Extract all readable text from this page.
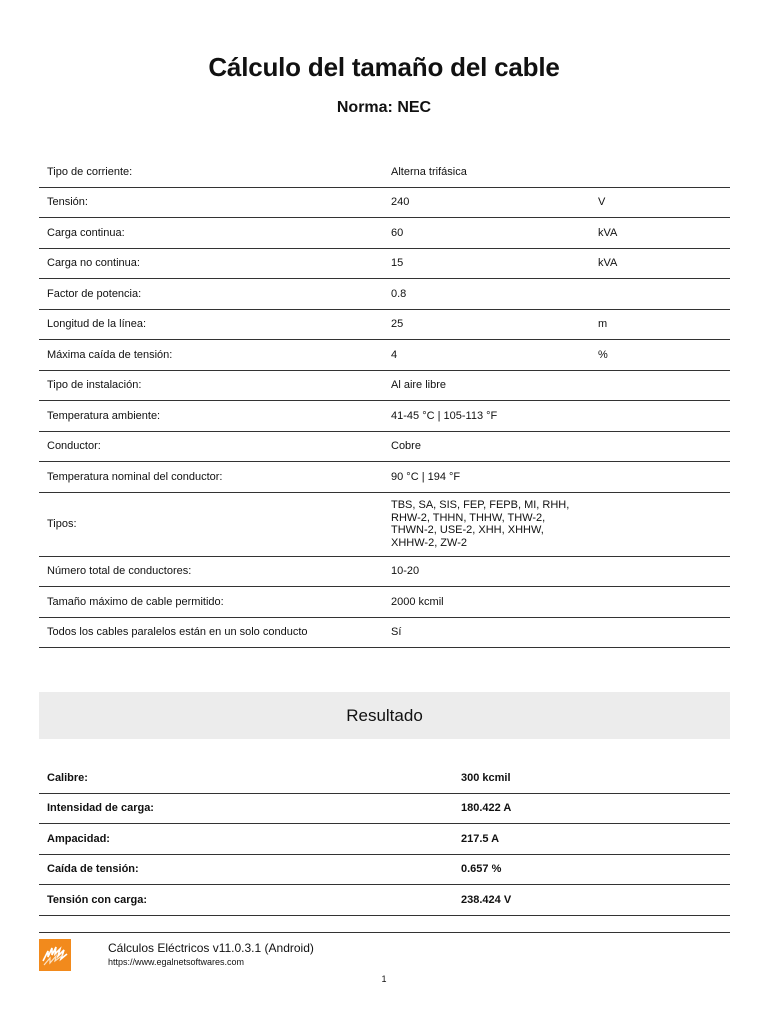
Cálculo del tamaño del cable
Norma: NEC
Tipo de corriente:	Alterna trifásica	
Tensión:	240	V
Carga continua:	60	kVA
Carga no continua:	15	kVA
Factor de potencia:	0.8	
Longitud de la línea:	25	m
Máxima caída de tensión:	4	%
Tipo de instalación:	Al aire libre	
Temperatura ambiente:	41-45 °C | 105-113 °F	
Conductor:	Cobre	
Temperatura nominal del conductor:	90 °C | 194 °F	
Tipos:	TBS, SA, SIS, FEP, FEPB, MI, RHH, RHW-2, THHN, THHW, THW-2, THWN-2, USE-2, XHH, XHHW, XHHW-2, ZW-2	
Número total de conductores:	10-20	
Tamaño máximo de cable permitido:	2000 kcmil	
Todos los cables paralelos están en un solo conducto	Sí	
Resultado
Calibre:	300 kcmil
Intensidad de carga:	180.422 A
Ampacidad:	217.5 A
Caída de tensión:	0.657 %
Tensión con carga:	238.424 V
Cálculos Eléctricos v11.0.3.1 (Android)
https://www.egalnetsoftwares.com
1
